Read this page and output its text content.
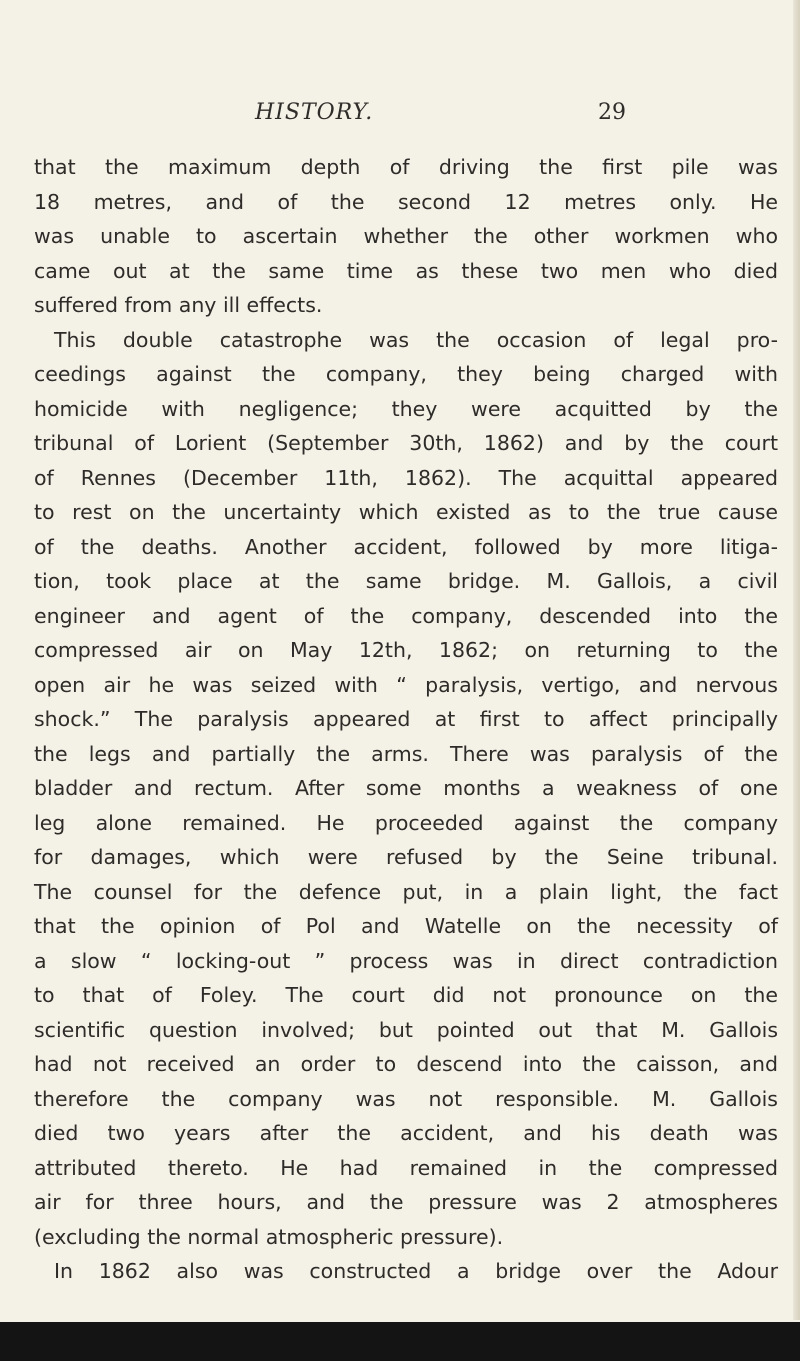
HISTORY.	29
that the maximum depth of driving the first pile was
18 metres, and of the second 12 metres only. He
was unable to ascertain whether the other workmen who
came out at the same time as these two men who died
suffered from any ill effects.
This double catastrophe was the occasion of legal pro-
ceedings against the company, they being charged with
homicide with negligence; they were acquitted by the
tribunal of Lorient (September 30th, 1862) and by the court
of Rennes (December 11th, 1862). The acquittal appeared
to rest on the uncertainty which existed as to the true cause
of the deaths. Another accident, followed by more litiga-
tion, took place at the same bridge. M. Gallois, a civil
engineer and agent of the company, descended into the
compressed air on May 12th, 1862; on returning to the
open air he was seized with “ paralysis, vertigo, and nervous
shock.” The paralysis appeared at first to affect principally
the legs and partially the arms. There was paralysis of the
bladder and rectum. After some months a weakness of one
leg alone remained. He proceeded against the company
for damages, which were refused by the Seine tribunal.
The counsel for the defence put, in a plain light, the fact
that the opinion of Pol and Watelle on the necessity of
a slow “ locking-out ” process was in direct contradiction
to that of Foley. The court did not pronounce on the
scientific question involved; but pointed out that M. Gallois
had not received an order to descend into the caisson, and
therefore the company was not responsible. M. Gallois
died two years after the accident, and his death was
attributed thereto. He had remained in the compressed
air for three hours, and the pressure was 2 atmospheres
(excluding the normal atmospheric pressure).
In 1862 also was constructed a bridge over the Adour
